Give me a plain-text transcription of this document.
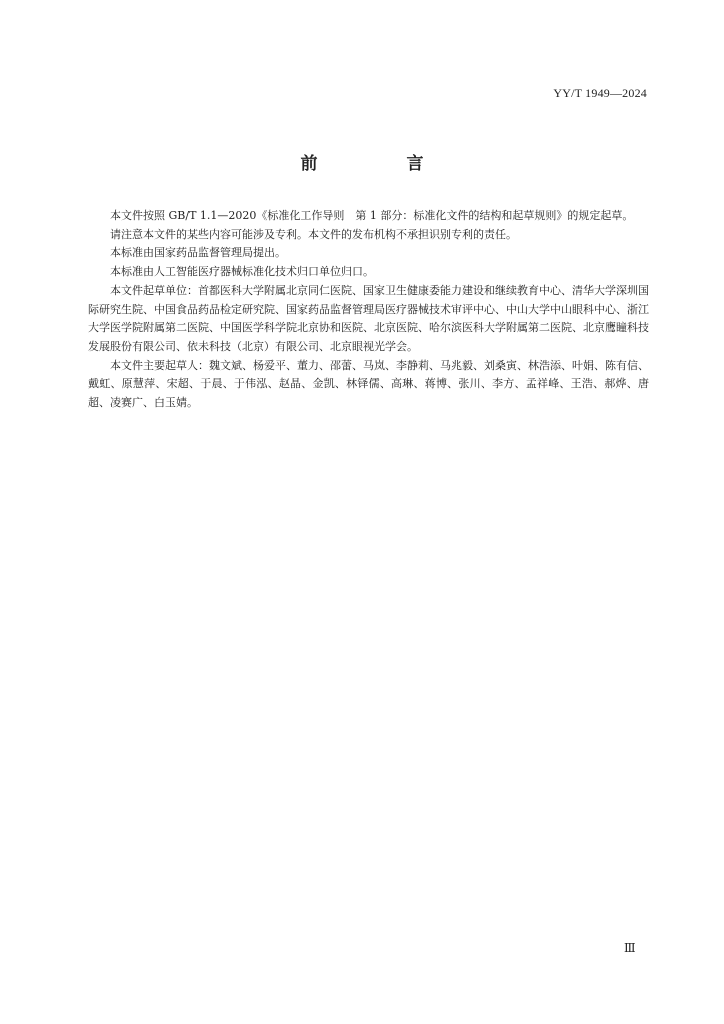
YY/T 1949—2024
前　言

本文件按照 GB/T 1.1—2020《标准化工作导则　第 1 部分：标准化文件的结构和起草规则》的规定起草。

请注意本文件的某些内容可能涉及专利。本文件的发布机构不承担识别专利的责任。

本标准由国家药品监督管理局提出。

本标准由人工智能医疗器械标准化技术归口单位归口。

本文件起草单位：首都医科大学附属北京同仁医院、国家卫生健康委能力建设和继续教育中心、清华大学深圳国际研究生院、中国食品药品检定研究院、国家药品监督管理局医疗器械技术审评中心、中山大学中山眼科中心、浙江大学医学院附属第二医院、中国医学科学院北京协和医院、北京医院、哈尔滨医科大学附属第二医院、北京鹰瞳科技发展股份有限公司、依未科技（北京）有限公司、北京眼视光学会。

本文件主要起草人：魏文斌、杨爱平、董力、邵蕾、马岚、李静莉、马兆毅、刘桑寅、林浩添、叶娟、陈有信、戴虹、原慧萍、宋超、于晨、于伟泓、赵晶、金凯、林铎儒、高琳、蒋博、张川、李方、孟祥峰、王浩、郝烨、唐超、凌赛广、白玉婧。

Ⅲ
